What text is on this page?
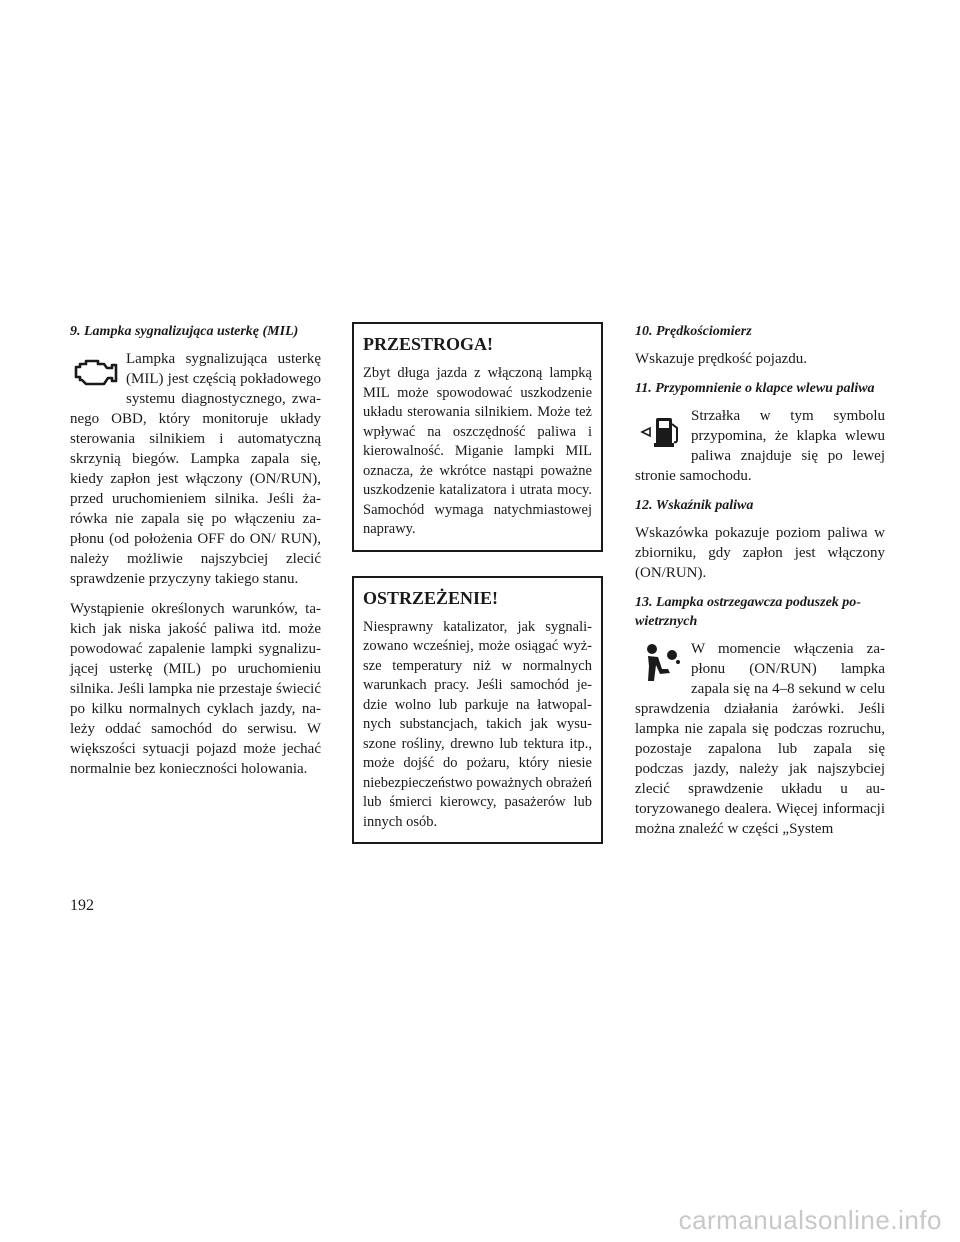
9. Lampka sygnalizująca usterkę (MIL)

Lampka sygnalizująca usterkę (MIL) jest częścią pokładowego systemu diagnostycznego, zwanego OBD, który monitoruje układy sterowania silnikiem i automatyczną skrzynią biegów. Lampka zapala się, kiedy zapłon jest włączony (ON/RUN), przed uruchomieniem silnika. Jeśli żarówka nie zapala się po włączeniu zapłonu (od położenia OFF do ON/ RUN), należy możliwie najszybciej zlecić sprawdzenie przyczyny takiego stanu.

Wystąpienie określonych warunków, takich jak niska jakość paliwa itd. może powodować zapalenie lampki sygnalizującej usterkę (MIL) po uruchomieniu silnika. Jeśli lampka nie przestaje świecić po kilku normalnych cyklach jazdy, należy oddać samochód do serwisu. W większości sytuacji pojazd może jechać normalnie bez konieczności holowania.

PRZESTROGA!

Zbyt długa jazda z włączoną lampką MIL może spowodować uszkodzenie układu sterowania silnikiem. Może też wpływać na oszczędność paliwa i kierowalność. Miganie lampki MIL oznacza, że wkrótce nastąpi poważne uszkodzenie katalizatora i utrata mocy. Samochód wymaga natychmiastowej naprawy.

OSTRZEŻENIE!

Niesprawny katalizator, jak sygnalizowano wcześniej, może osiągać wyższe temperatury niż w normalnych warunkach pracy. Jeśli samochód jedzie wolno lub parkuje na łatwopalnych substancjach, takich jak wysuszone rośliny, drewno lub tektura itp., może dojść do pożaru, który niesie niebezpieczeństwo poważnych obrażeń lub śmierci kierowcy, pasażerów lub innych osób.

10. Prędkościomierz

Wskazuje prędkość pojazdu.

11. Przypomnienie o klapce wlewu paliwa

Strzałka w tym symbolu przypomina, że klapka wlewu paliwa znajduje się po lewej stronie samochodu.

12. Wskaźnik paliwa

Wskazówka pokazuje poziom paliwa w zbiorniku, gdy zapłon jest włączony (ON/RUN).

13. Lampka ostrzegawcza poduszek powietrznych

W momencie włączenia zapłonu (ON/RUN) lampka zapala się na 4–8 sekund w celu sprawdzenia działania żarówki. Jeśli lampka nie zapala się podczas rozruchu, pozostaje zapalona lub zapala się podczas jazdy, należy jak najszybciej zlecić sprawdzenie układu u autoryzowanego dealera. Więcej informacji można znaleźć w części „System

192
carmanualsonline.info
